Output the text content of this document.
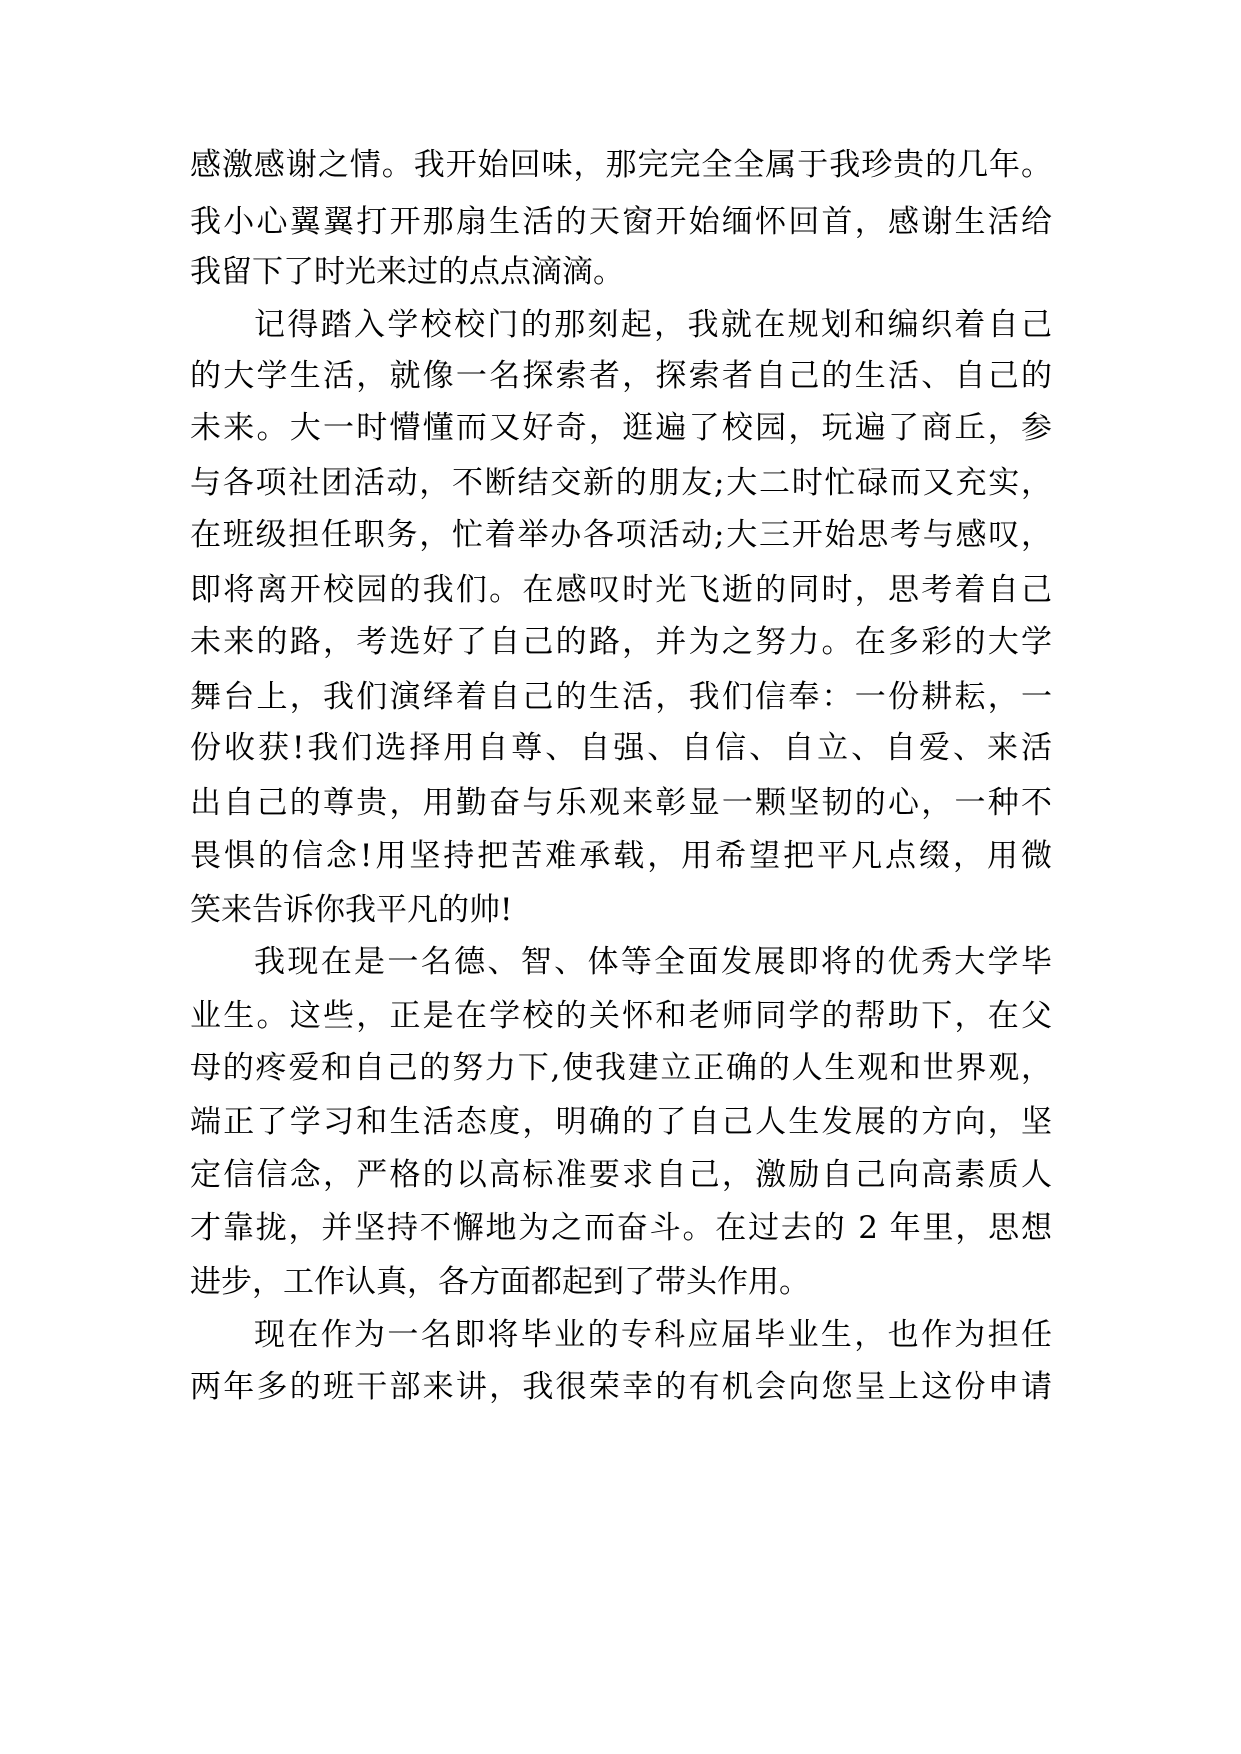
感激感谢之情。我开始回味，那完完全全属于我珍贵的几年。
我小心翼翼打开那扇生活的天窗开始缅怀回首，感谢生活给
我留下了时光来过的点点滴滴。
记得踏入学校校门的那刻起，我就在规划和编织着自己
的大学生活，就像一名探索者，探索者自己的生活、自己的
未来。大一时懵懂而又好奇，逛遍了校园，玩遍了商丘，参
与各项社团活动，不断结交新的朋友;大二时忙碌而又充实，
在班级担任职务，忙着举办各项活动;大三开始思考与感叹，
即将离开校园的我们。在感叹时光飞逝的同时，思考着自己
未来的路，考选好了自己的路，并为之努力。在多彩的大学
舞台上，我们演绎着自己的生活，我们信奉：一份耕耘，一
份收获!我们选择用自尊、自强、自信、自立、自爱、来活
出自己的尊贵，用勤奋与乐观来彰显一颗坚韧的心，一种不
畏惧的信念!用坚持把苦难承载，用希望把平凡点缀，用微
笑来告诉你我平凡的帅!
我现在是一名德、智、体等全面发展即将的优秀大学毕
业生。这些，正是在学校的关怀和老师同学的帮助下，在父
母的疼爱和自己的努力下,使我建立正确的人生观和世界观，
端正了学习和生活态度，明确的了自己人生发展的方向，坚
定信信念，严格的以高标准要求自己，激励自己向高素质人
才靠拢，并坚持不懈地为之而奋斗。在过去的 2 年里，思想
进步，工作认真，各方面都起到了带头作用。
现在作为一名即将毕业的专科应届毕业生，也作为担任
两年多的班干部来讲，我很荣幸的有机会向您呈上这份申请
